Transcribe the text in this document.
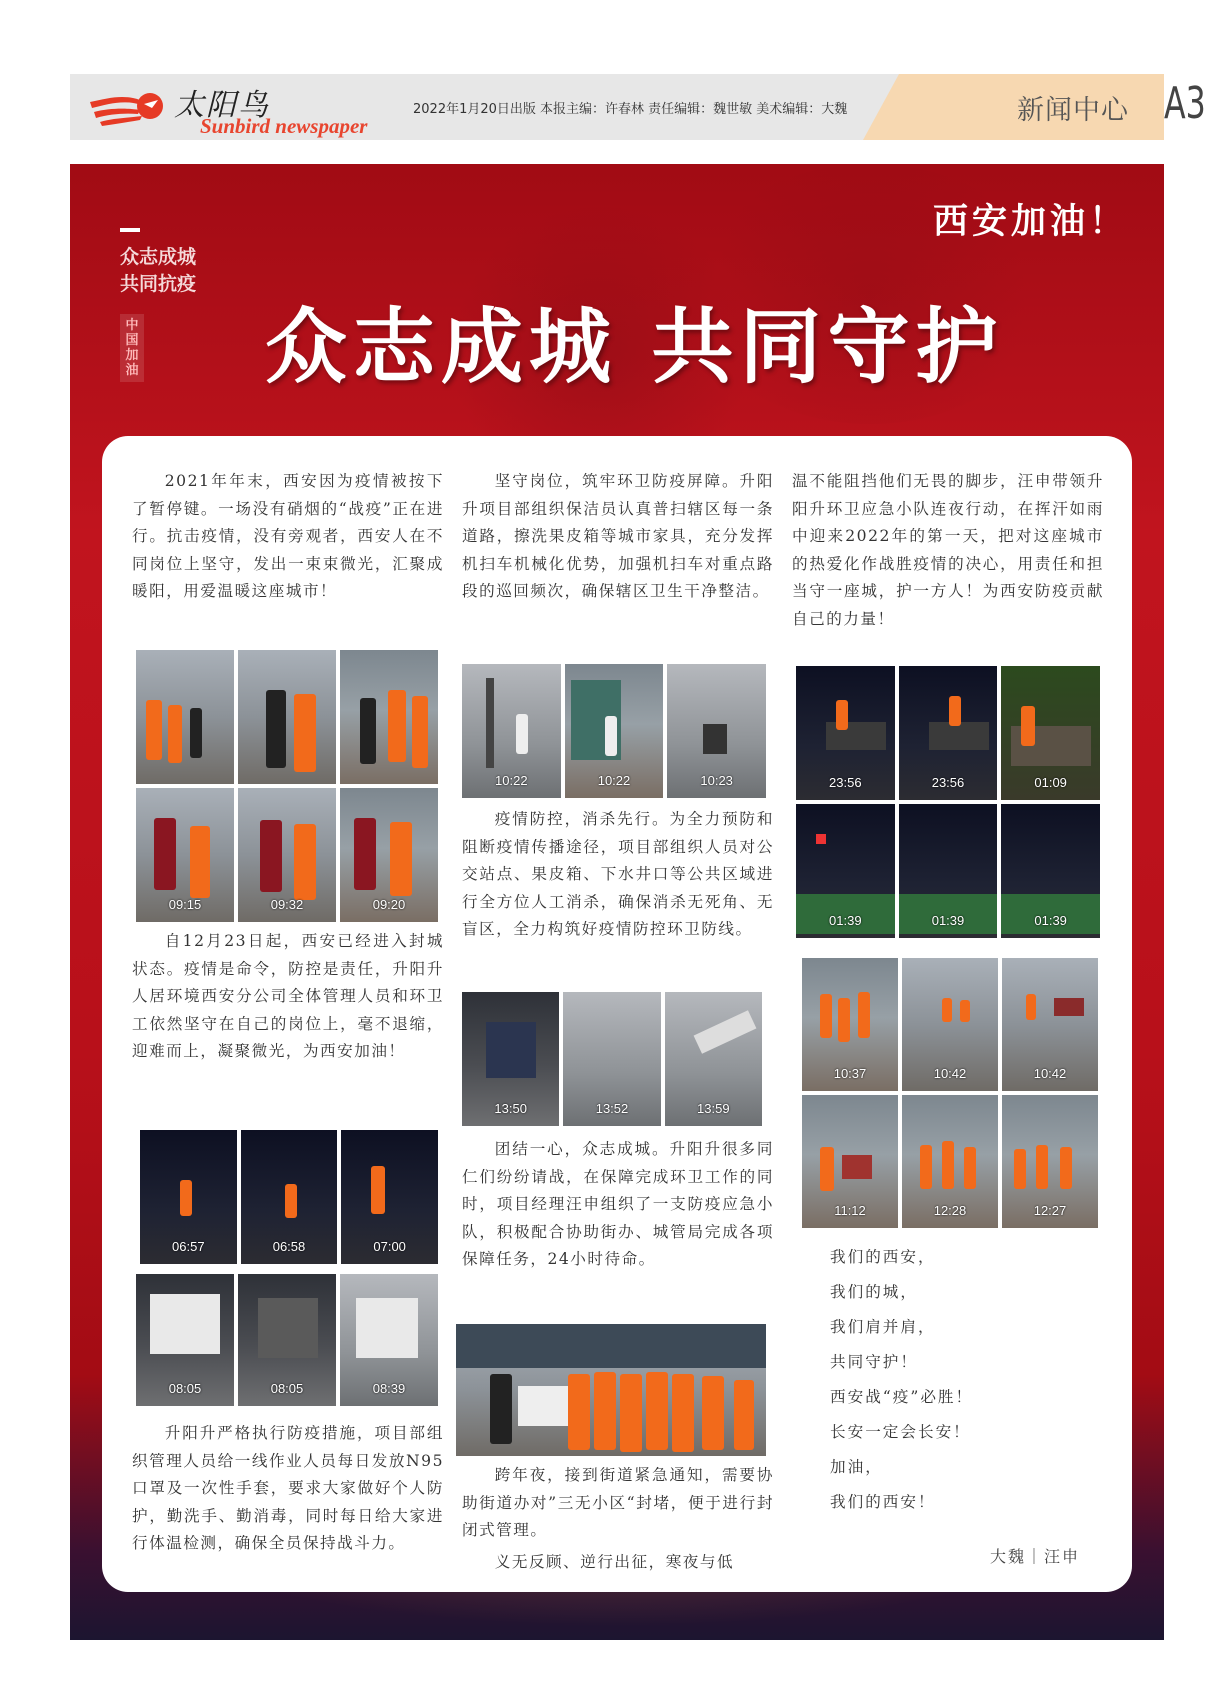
太阳鸟
Sunbird newspaper
2022年1月20日出版 本报主编：许春林 责任编辑：魏世敏 美术编辑：大魏	新闻中心 A3
众志成城
共同抗疫
中国加油
西安加油！
众志成城 共同守护

2021年年末，西安因为疫情被按下了暂停键。一场没有硝烟的“战疫”正在进行。抗击疫情，没有旁观者，西安人在不同岗位上坚守，发出一束束微光，汇聚成暖阳，用爱温暖这座城市！

09:15	09:32	09:20

自12月23日起，西安已经进入封城状态。疫情是命令，防控是责任，升阳升人居环境西安分公司全体管理人员和环卫工依然坚守在自己的岗位上，毫不退缩，迎难而上，凝聚微光，为西安加油！

06:57	06:58	07:00
08:05	08:05	08:39

升阳升严格执行防疫措施，项目部组织管理人员给一线作业人员每日发放N95口罩及一次性手套，要求大家做好个人防护，勤洗手、勤消毒，同时每日给大家进行体温检测，确保全员保持战斗力。

坚守岗位，筑牢环卫防疫屏障。升阳升项目部组织保洁员认真普扫辖区每一条道路，擦洗果皮箱等城市家具，充分发挥机扫车机械化优势，加强机扫车对重点路段的巡回频次，确保辖区卫生干净整洁。

10:22	10:22	10:23

疫情防控，消杀先行。为全力预防和阻断疫情传播途径，项目部组织人员对公交站点、果皮箱、下水井口等公共区域进行全方位人工消杀，确保消杀无死角、无盲区，全力构筑好疫情防控环卫防线。

13:50	13:52	13:59

团结一心，众志成城。升阳升很多同仁们纷纷请战，在保障完成环卫工作的同时，项目经理汪申组织了一支防疫应急小队，积极配合协助街办、城管局完成各项保障任务，24小时待命。

跨年夜，接到街道紧急通知，需要协助街道办对”三无小区“封堵，便于进行封闭式管理。

义无反顾、逆行出征，寒夜与低

温不能阻挡他们无畏的脚步，汪申带领升阳升环卫应急小队连夜行动，在挥汗如雨中迎来2022年的第一天，把对这座城市的热爱化作战胜疫情的决心，用责任和担当守一座城，护一方人！为西安防疫贡献自己的力量！

23:56	23:56	01:09
01:39	01:39	01:39
10:37	10:42	10:42
11:12	12:28	12:27
我们的西安，
我们的城，
我们肩并肩，
共同守护！
西安战“疫”必胜！
长安一定会长安！
加油，
我们的西安！
大魏｜汪申
